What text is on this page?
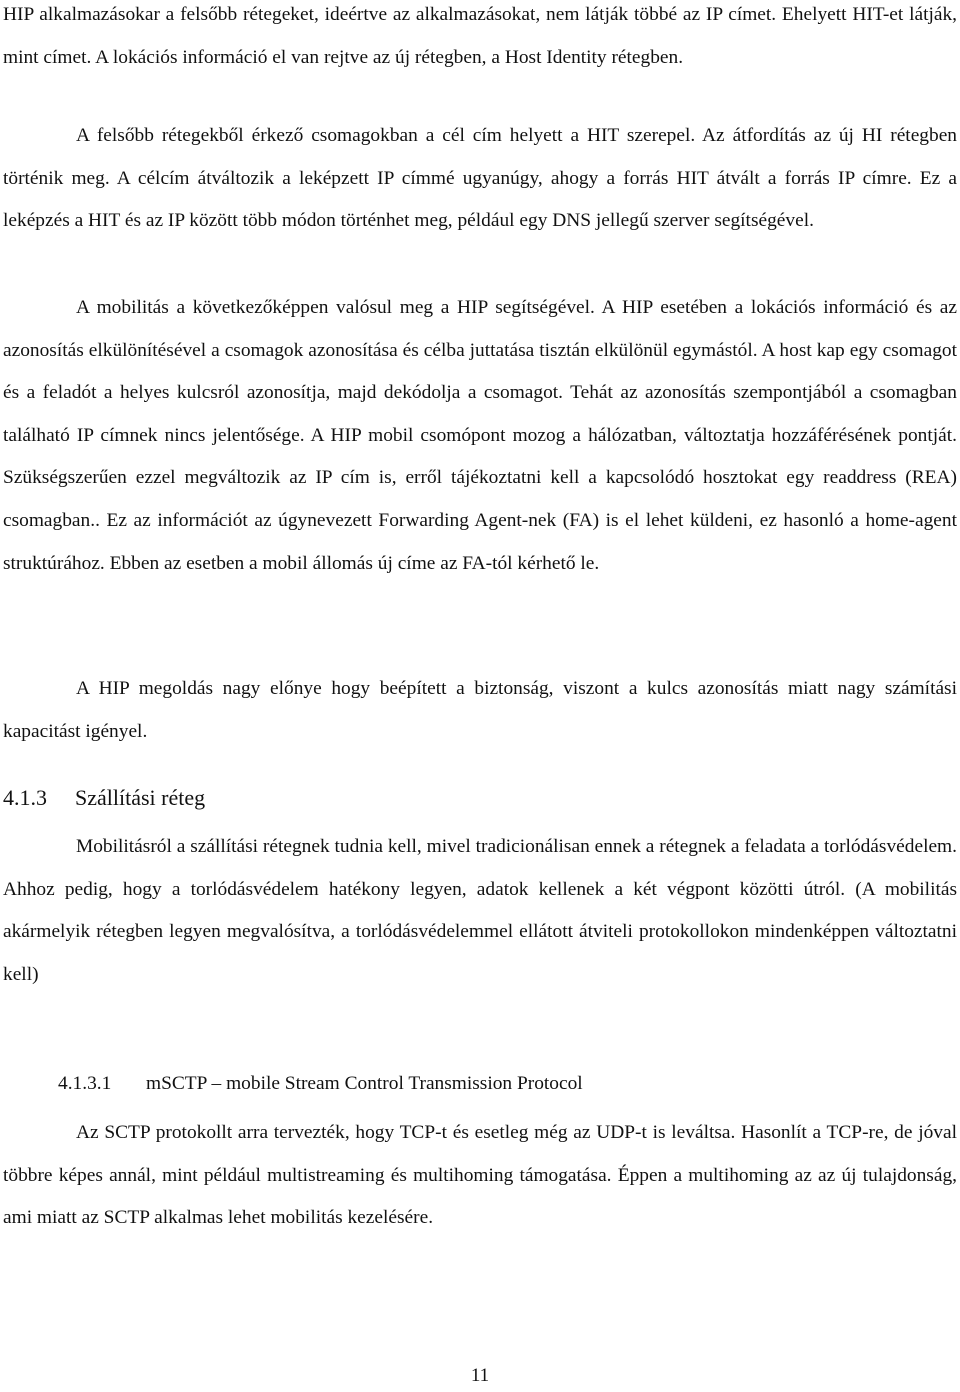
HIP alkalmazásokar a felsőbb rétegeket, ideértve az alkalmazásokat, nem látják többé az IP címet. Ehelyett HIT-et látják, mint címet. A lokációs információ el van rejtve az új rétegben, a Host Identity rétegben.

A felsőbb rétegekből érkező csomagokban a cél cím helyett a HIT szerepel. Az átfordítás az új HI rétegben történik meg. A célcím átváltozik a leképzett IP címmé ugyanúgy, ahogy a forrás HIT átvált a forrás IP címre. Ez a leképzés a HIT és az IP között több módon történhet meg, például egy DNS jellegű szerver segítségével.

A mobilitás a következőképpen valósul meg a HIP segítségével. A HIP esetében a lokációs információ és az azonosítás elkülönítésével a csomagok azonosítása és célba juttatása tisztán elkülönül egymástól. A host kap egy csomagot és a feladót a helyes kulcsról azonosítja, majd dekódolja a csomagot. Tehát az azonosítás szempontjából a csomagban található IP címnek nincs jelentősége. A HIP mobil csomópont mozog a hálózatban, változtatja hozzáférésének pontját. Szükségszerűen ezzel megváltozik az IP cím is, erről tájékoztatni kell a kapcsolódó hosztokat egy readdress (REA) csomagban.. Ez az információt az úgynevezett Forwarding Agent-nek (FA) is el lehet küldeni, ez hasonló a home-agent struktúrához. Ebben az esetben a mobil állomás új címe az FA-tól kérhető le.

A HIP megoldás nagy előnye hogy beépített a biztonság, viszont a kulcs azonosítás miatt nagy számítási kapacitást igényel.

4.1.3 Szállítási réteg

Mobilitásról a szállítási rétegnek tudnia kell, mivel tradicionálisan ennek a rétegnek a feladata a torlódásvédelem. Ahhoz pedig, hogy a torlódásvédelem hatékony legyen, adatok kellenek a két végpont közötti útról. (A mobilitás akármelyik rétegben legyen megvalósítva, a torlódásvédelemmel ellátott átviteli protokollokon mindenképpen változtatni kell)

4.1.3.1 mSCTP – mobile Stream Control Transmission Protocol

Az SCTP protokollt arra tervezték, hogy TCP-t és esetleg még az UDP-t is leváltsa. Hasonlít a TCP-re, de jóval többre képes annál, mint például multistreaming és multihoming támogatása. Éppen a multihoming az az új tulajdonság, ami miatt az SCTP alkalmas lehet mobilitás kezelésére.

11
